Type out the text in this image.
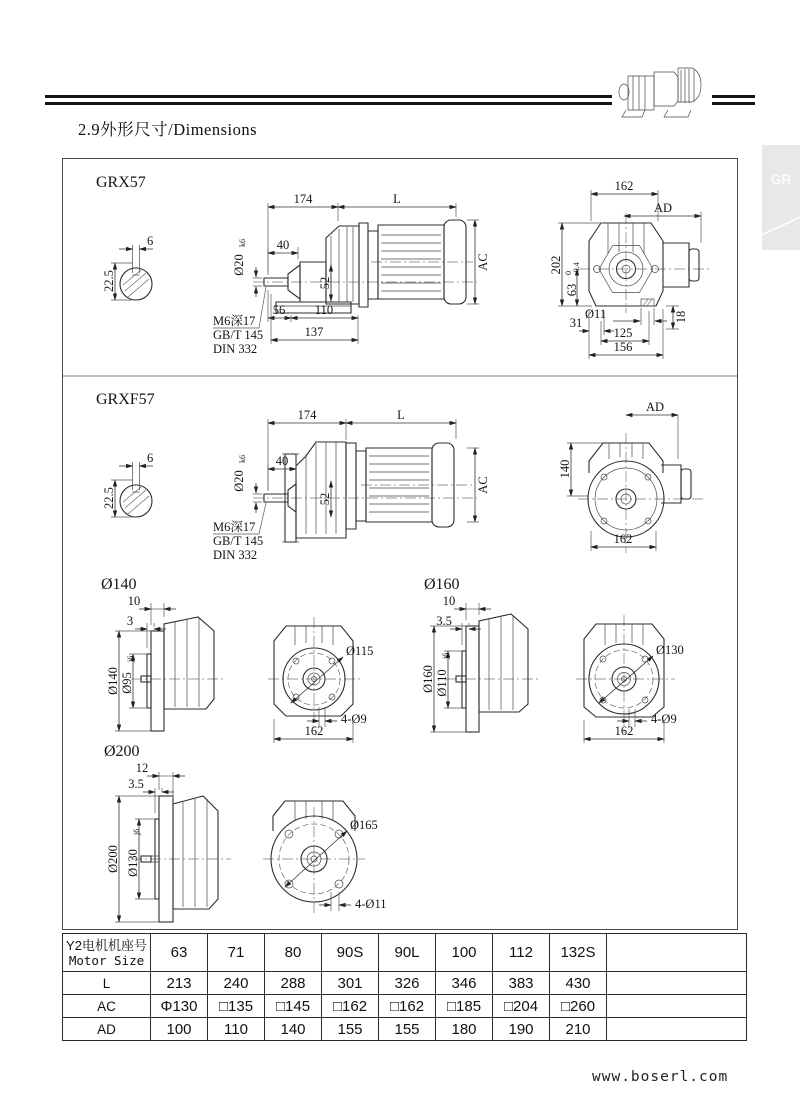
2.9外形尺寸/Dimensions
GR
GRX57
6
22.5
174	L
40
Ø20
k6
52
AC
56 110
137
M6深17
GB/T 145
DIN 332
162
AD
202
63
0 -0.4
Ø11
31
125
156
18
GRXF57
6
22.5
174	L
40
Ø20
k6
52
AC
M6深17
GB/T 145
DIN 332
AD
140
162
Ø140
10
3
Ø140 Ø95
j6
Ø115
4-Ø9
162
Ø160
10
3.5
Ø160 Ø110
j6	Ø130
4-Ø9
162
Ø200
12
3.5
Ø200 Ø130
j6	Ø165
4-Ø11
Y2电机机座号
Motor Size	63	71	80	90S	90L	100	112	132S	
L	213	240	288	301	326	346	383	430	
AC	Φ130	□135	□145	□162	□162	□185	□204	□260	
AD	100	110	140	155	155	180	190	210	
www.boserl.com
